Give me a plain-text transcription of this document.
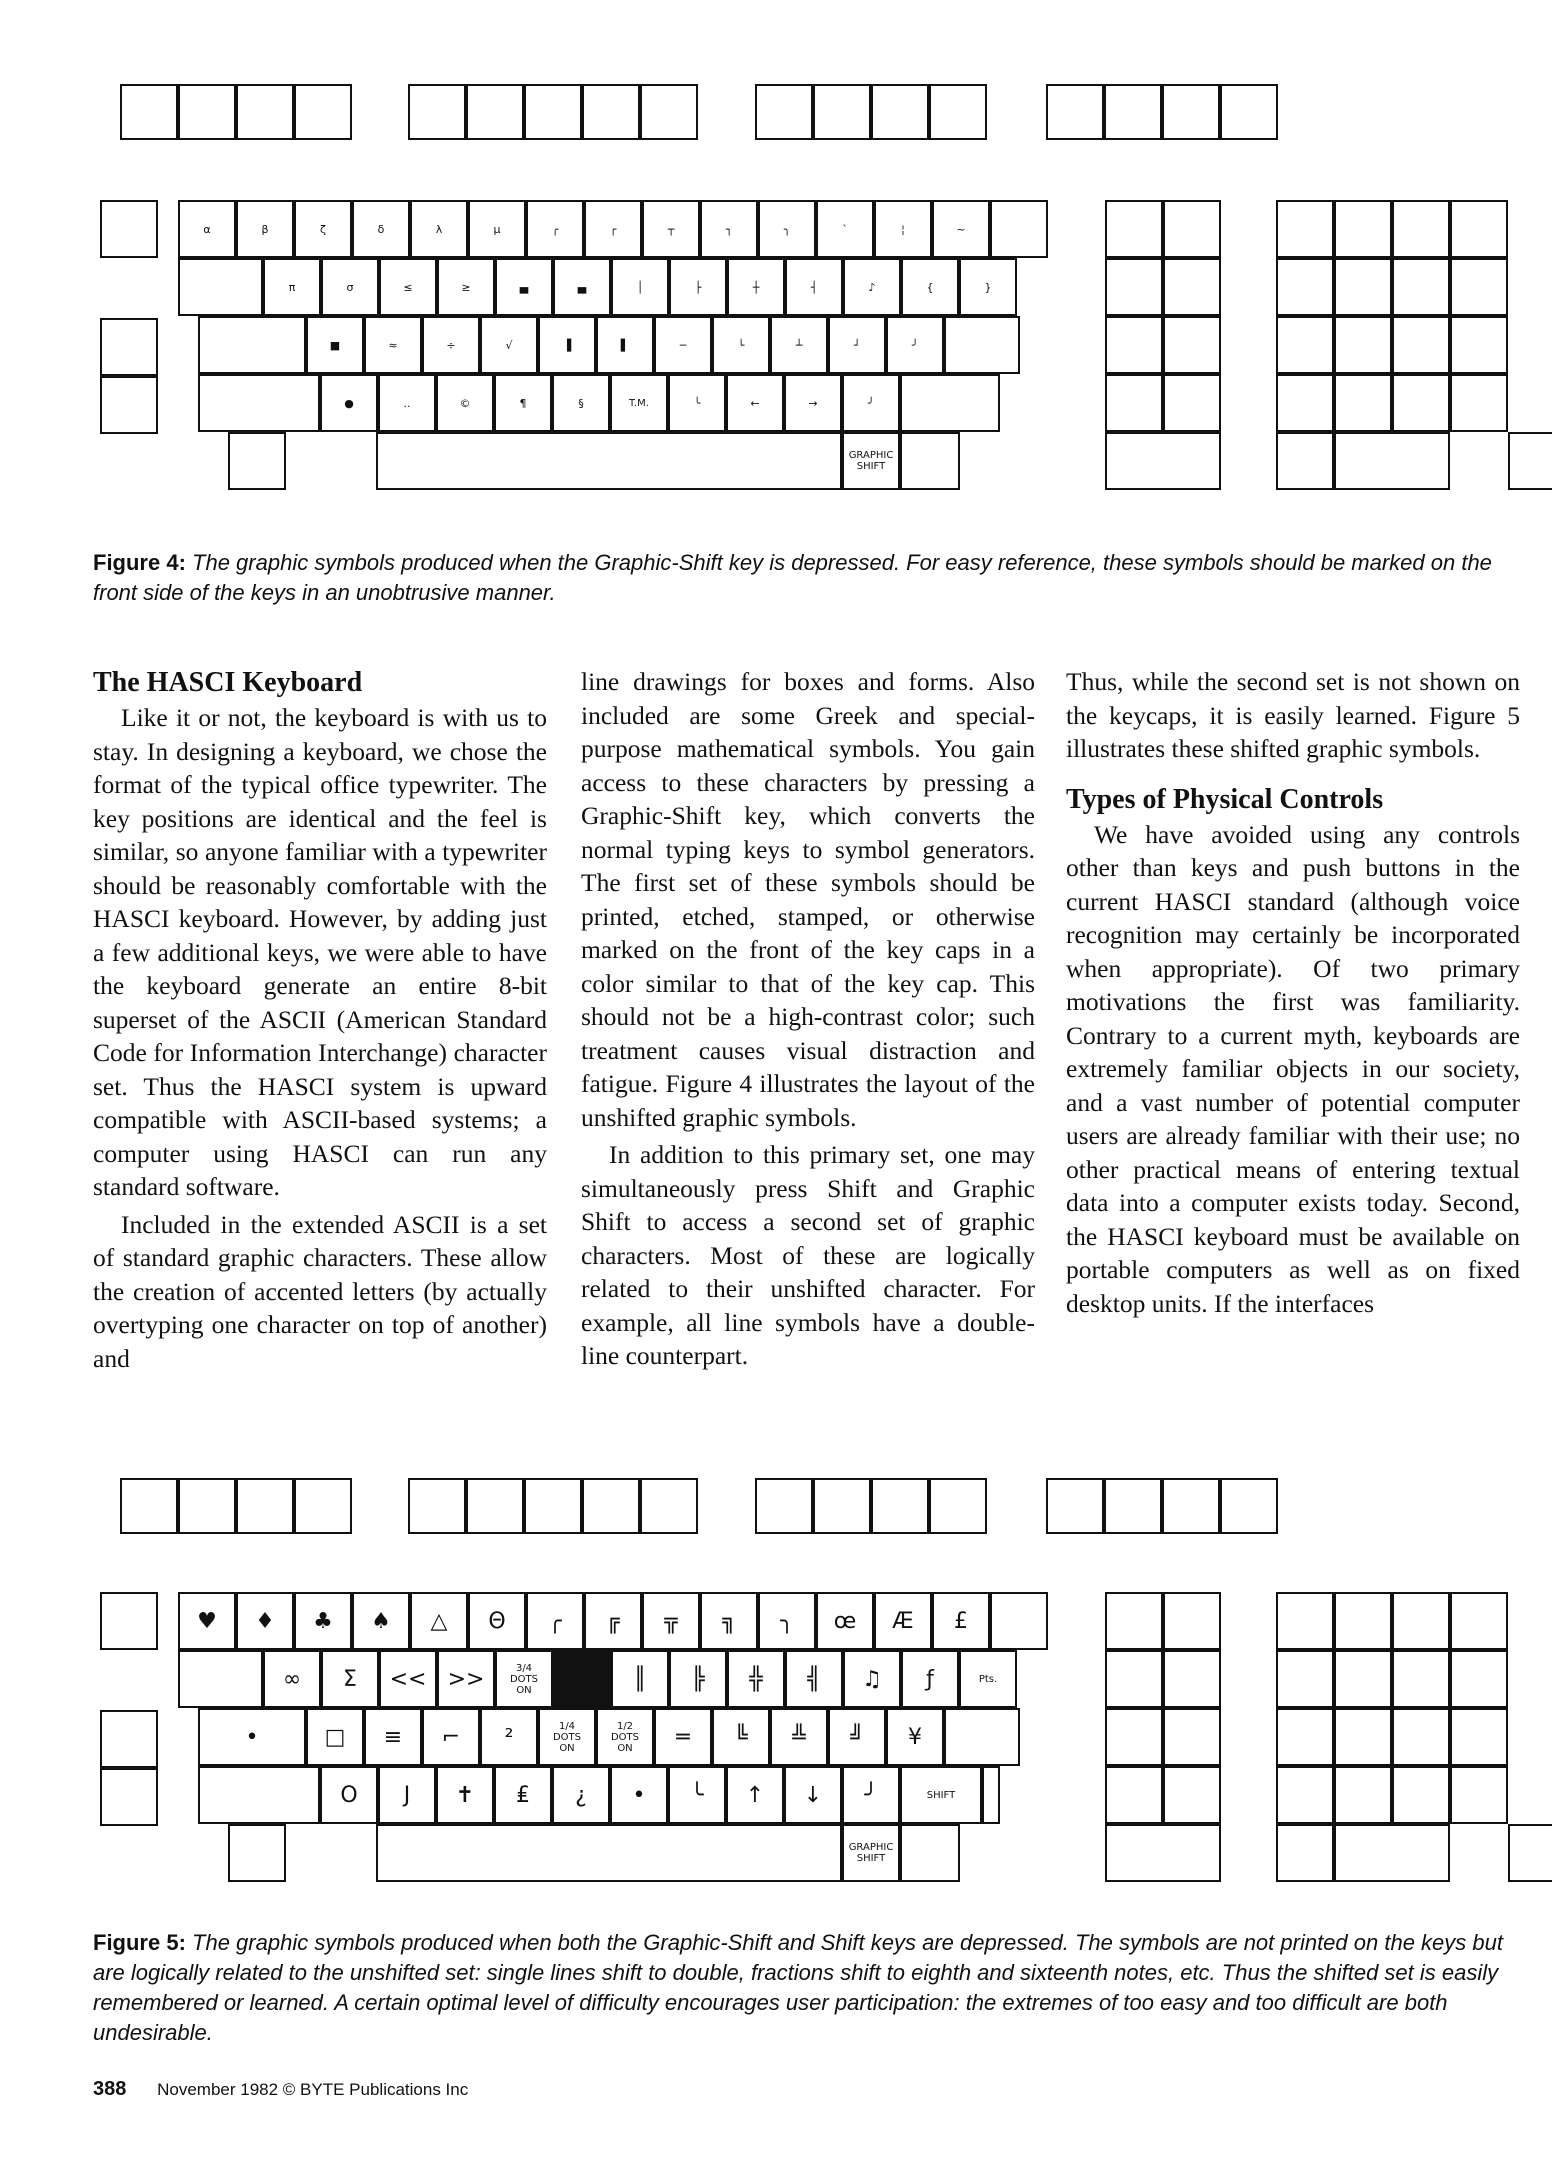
α	β	ζ	δ	λ	μ	╭	┌	┬	┐	╮	`	¦	~
π	σ	≤	≥	▄	▄	│	├	┼	┤	♪	{	}
■	≈	÷	√	▐	▌	─	└	┴	┘	╯
●	..	©	¶	§	T.M.	╰	←	→	╯
GRAPHIC
SHIFT
Figure 4: The graphic symbols produced when the Graphic-Shift key is depressed. For easy reference, these symbols should be marked on the front side of the keys in an unobtrusive manner.
The HASCI Keyboard

Like it or not, the keyboard is with us to stay. In designing a keyboard, we chose the format of the typical office typewriter. The key positions are identical and the feel is similar, so anyone familiar with a typewriter should be reasonably comfortable with the HASCI keyboard. However, by adding just a few additional keys, we were able to have the keyboard generate an entire 8-bit superset of the ASCII (American Standard Code for Information Interchange) character set. Thus the HASCI system is upward compatible with ASCII-based systems; a computer using HASCI can run any standard software.

Included in the extended ASCII is a set of standard graphic characters. These allow the creation of accented letters (by actually overtyping one character on top of another) and

line drawings for boxes and forms. Also included are some Greek and special-purpose mathematical symbols. You gain access to these characters by pressing a Graphic-Shift key, which converts the normal typing keys to symbol generators. The first set of these symbols should be printed, etched, stamped, or otherwise marked on the front of the key caps in a color similar to that of the key cap. This should not be a high-contrast color; such treatment causes visual distraction and fatigue. Figure 4 illustrates the layout of the unshifted graphic symbols.

In addition to this primary set, one may simultaneously press Shift and Graphic Shift to access a second set of graphic characters. Most of these are logically related to their unshifted character. For example, all line symbols have a double-line counterpart.

Thus, while the second set is not shown on the keycaps, it is easily learned. Figure 5 illustrates these shifted graphic symbols.

Types of Physical Controls

We have avoided using any controls other than keys and push buttons in the current HASCI standard (although voice recognition may certainly be incorporated when appropriate). Of two primary motivations the first was familiarity. Contrary to a current myth, keyboards are extremely familiar objects in our society, and a vast number of potential computer users are already familiar with their use; no other practical means of entering textual data into a computer exists today. Second, the HASCI keyboard must be available on portable computers as well as on fixed desktop units. If the interfaces

♥ ♦ ♣ ♠ △ Θ ╭ ╔ ╦ ╗ ╮ œ Æ £
∞ Σ << >>	3/4
DOTS
ON	║ ╠ ╬ ╣ ♫ ƒ	Pts.
•	□ ≡ ⌐ ²	1/4
DOTS
ON
1/2
DOTS
ON ═ ╚ ╩ ╝ ¥
O J ✝ ₤ ¿ • ╰ ↑ ↓ ╯	SHIFT
GRAPHIC
SHIFT
Figure 5: The graphic symbols produced when both the Graphic-Shift and Shift keys are depressed. The symbols are not printed on the keys but are logically related to the unshifted set: single lines shift to double, fractions shift to eighth and sixteenth notes, etc. Thus the shifted set is easily remembered or learned. A certain optimal level of difficulty encourages user participation: the extremes of too easy and too difficult are both undesirable.
388 November 1982 © BYTE Publications Inc
